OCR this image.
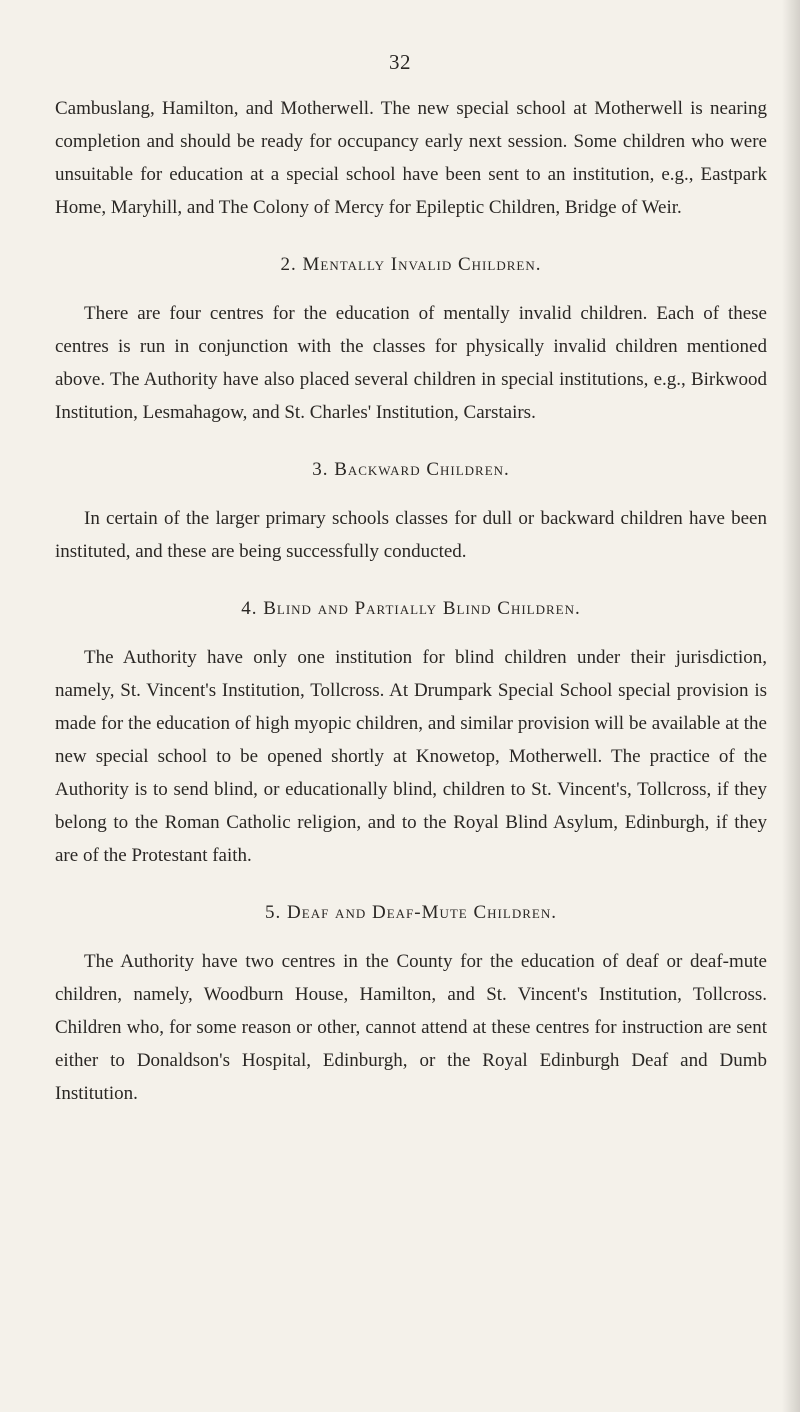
32

Cambuslang, Hamilton, and Motherwell. The new special school at Motherwell is nearing completion and should be ready for occupancy early next session. Some children who were unsuitable for education at a special school have been sent to an institution, e.g., Eastpark Home, Maryhill, and The Colony of Mercy for Epileptic Children, Bridge of Weir.

2. Mentally Invalid Children.

There are four centres for the education of mentally invalid children. Each of these centres is run in conjunction with the classes for physically invalid children mentioned above. The Authority have also placed several children in special institutions, e.g., Birkwood Institution, Lesmahagow, and St. Charles' Institution, Carstairs.

3. Backward Children.

In certain of the larger primary schools classes for dull or backward children have been instituted, and these are being successfully conducted.

4. Blind and Partially Blind Children.

The Authority have only one institution for blind children under their jurisdiction, namely, St. Vincent's Institution, Tollcross. At Drumpark Special School special provision is made for the education of high myopic children, and similar provision will be available at the new special school to be opened shortly at Knowetop, Motherwell. The practice of the Authority is to send blind, or educationally blind, children to St. Vincent's, Tollcross, if they belong to the Roman Catholic religion, and to the Royal Blind Asylum, Edinburgh, if they are of the Protestant faith.

5. Deaf and Deaf-Mute Children.

The Authority have two centres in the County for the education of deaf or deaf-mute children, namely, Woodburn House, Hamilton, and St. Vincent's Institution, Tollcross. Children who, for some reason or other, cannot attend at these centres for instruction are sent either to Donaldson's Hospital, Edinburgh, or the Royal Edinburgh Deaf and Dumb Institution.
